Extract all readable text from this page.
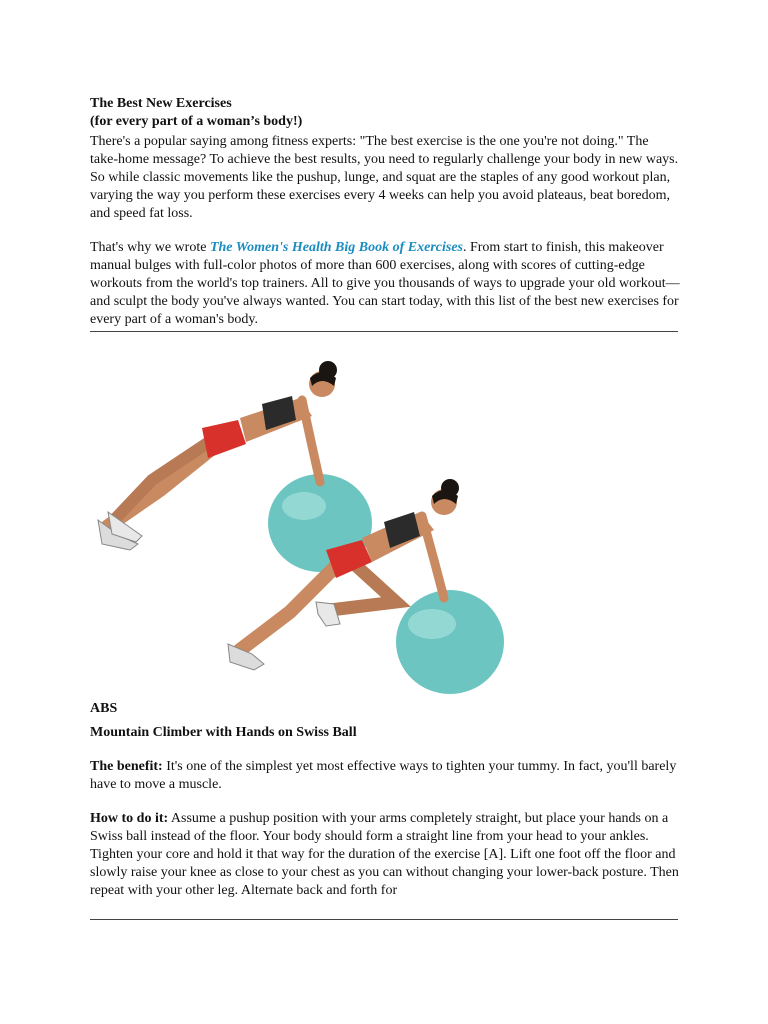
The Best New Exercises

(for every part of a woman’s body!)

There's a popular saying among fitness experts: "The best exercise is the one you're not doing." The take-home message? To achieve the best results, you need to regularly challenge your body in new ways. So while classic movements like the pushup, lunge, and squat are the staples of any good workout plan, varying the way you perform these exercises every 4 weeks can help you avoid plateaus, beat boredom, and speed fat loss.

That's why we wrote The Women's Health Big Book of Exercises. From start to finish, this makeover manual bulges with full-color photos of more than 600 exercises, along with scores of cutting-edge workouts from the world's top trainers. All to give you thousands of ways to upgrade your old workout—and sculpt the body you've always wanted. You can start today, with this list of the best new exercises for every part of a woman's body.

ABS

Mountain Climber with Hands on Swiss Ball

The benefit: It's one of the simplest yet most effective ways to tighten your tummy. In fact, you'll barely have to move a muscle.

How to do it: Assume a pushup position with your arms completely straight, but place your hands on a Swiss ball instead of the floor. Your body should form a straight line from your head to your ankles. Tighten your core and hold it that way for the duration of the exercise [A]. Lift one foot off the floor and slowly raise your knee as close to your chest as you can without changing your lower-back posture. Then repeat with your other leg. Alternate back and forth for
